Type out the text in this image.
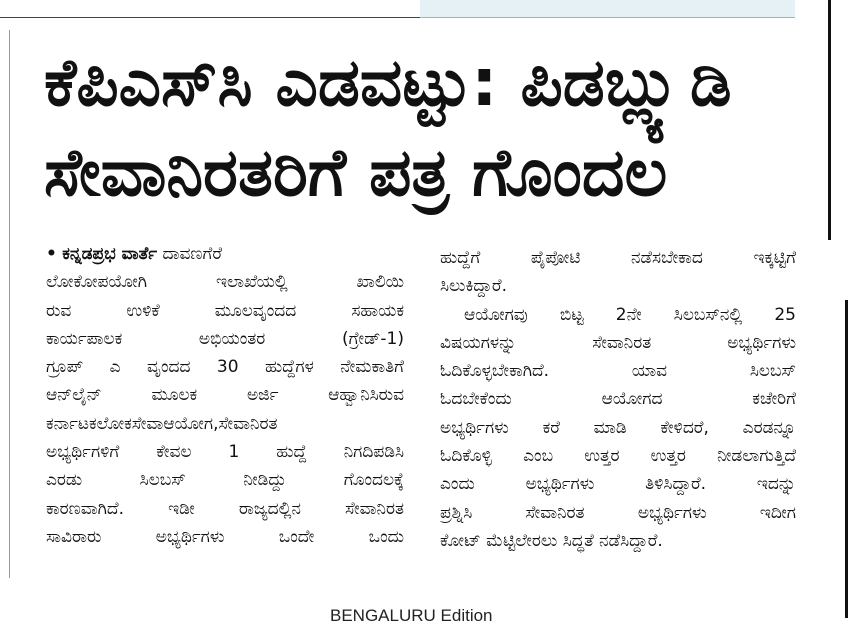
ಕೆಪಿಎಸ್‌ಸಿ ಎಡವಟ್ಟು: ಪಿಡಬ್ಲ್ಯುಡಿ
ಸೇವಾನಿರತರಿಗೆ ಪತ್ರ ಗೊಂದಲ
• ಕನ್ನಡಪ್ರಭ ವಾರ್ತೆ ದಾವಣಗೆರೆ
ಲೋಕೋಪಯೋಗಿ ಇಲಾಖೆಯಲ್ಲಿ ಖಾಲಿಯಿ
ರುವ ಉಳಿಕೆ ಮೂಲವೃಂದದ ಸಹಾಯಕ
ಕಾರ್ಯಪಾಲಕ ಅಭಿಯಂತರ (ಗ್ರೇಡ್-1)
ಗ್ರೂಪ್ ಎ ವೃಂದದ 30 ಹುದ್ದೆಗಳ ನೇಮಕಾತಿಗೆ
ಆನ್‌ಲೈನ್ ಮೂಲಕ ಅರ್ಜಿ ಆಹ್ವಾನಿಸಿರುವ
ಕರ್ನಾಟಕಲೋಕಸೇವಾಆಯೋಗ,ಸೇವಾನಿರತ
ಅಭ್ಯರ್ಥಿಗಳಿಗೆ ಕೇವಲ 1 ಹುದ್ದೆ ನಿಗದಿಪಡಿಸಿ
ಎರಡು ಸಿಲಬಸ್ ನೀಡಿದ್ದು ಗೊಂದಲಕ್ಕೆ
ಕಾರಣವಾಗಿದೆ. ಇಡೀ ರಾಜ್ಯದಲ್ಲಿನ ಸೇವಾನಿರತ
ಸಾವಿರಾರು ಅಭ್ಯರ್ಥಿಗಳು ಒಂದೇ ಒಂದು
ಹುದ್ದೆಗೆ ಪೈಪೋಟಿ ನಡೆಸಬೇಕಾದ ಇಕ್ಕಟ್ಟಿಗೆ
ಸಿಲುಕಿದ್ದಾರೆ.
ಆಯೋಗವು ಬಿಟ್ಟ 2ನೇ ಸಿಲಬಸ್‌ನಲ್ಲಿ 25
ವಿಷಯಗಳನ್ನು ಸೇವಾನಿರತ ಅಭ್ಯರ್ಥಿಗಳು
ಓದಿಕೊಳ್ಳಬೇಕಾಗಿದೆ. ಯಾವ ಸಿಲಬಸ್
ಓದಬೇಕೆಂದು ಆಯೋಗದ ಕಚೇರಿಗೆ
ಅಭ್ಯರ್ಥಿಗಳು ಕರೆ ಮಾಡಿ ಕೇಳಿದರೆ, ಎರಡನ್ನೂ
ಓದಿಕೊಳ್ಳಿ ಎಂಬ ಉತ್ತರ ಉತ್ತರ ನೀಡಲಾಗುತ್ತಿದೆ
ಎಂದು ಅಭ್ಯರ್ಥಿಗಳು ತಿಳಿಸಿದ್ದಾರೆ. ಇದನ್ನು
ಪ್ರಶ್ನಿಸಿ ಸೇವಾನಿರತ ಅಭ್ಯರ್ಥಿಗಳು ಇದೀಗ
ಕೋಟ್ ಮೆಟ್ಟಿಲೇರಲು ಸಿದ್ಧತೆ ನಡೆಸಿದ್ದಾರೆ.
BENGALURU Edition
